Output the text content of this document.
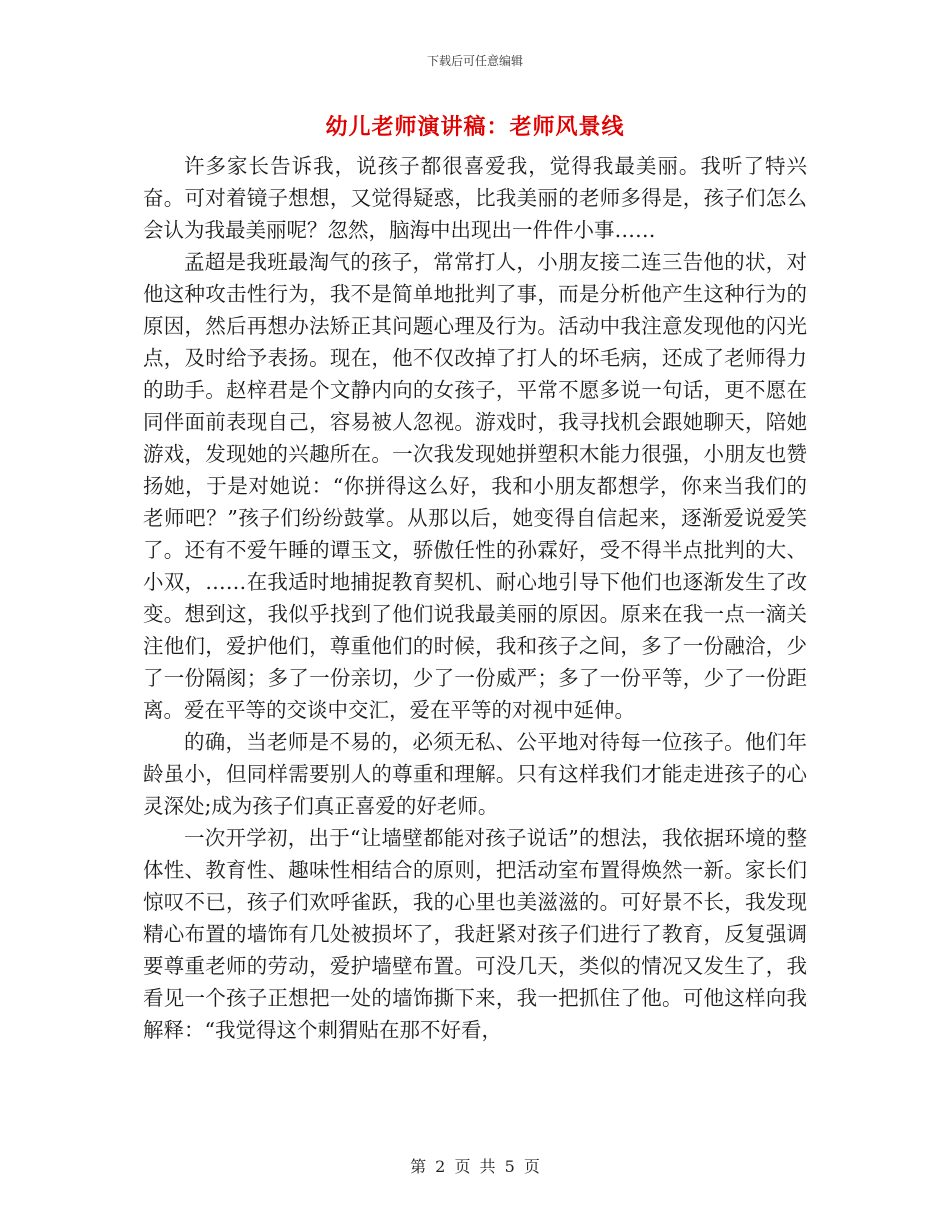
下载后可任意编辑
幼儿老师演讲稿：老师风景线

许多家长告诉我，说孩子都很喜爱我，觉得我最美丽。我听了特兴奋。可对着镜子想想，又觉得疑惑，比我美丽的老师多得是，孩子们怎么会认为我最美丽呢？忽然，脑海中出现出一件件小事……

孟超是我班最淘气的孩子，常常打人，小朋友接二连三告他的状，对他这种攻击性行为，我不是简单地批判了事，而是分析他产生这种行为的原因，然后再想办法矫正其问题心理及行为。活动中我注意发现他的闪光点，及时给予表扬。现在，他不仅改掉了打人的坏毛病，还成了老师得力的助手。赵梓君是个文静内向的女孩子，平常不愿多说一句话，更不愿在同伴面前表现自己，容易被人忽视。游戏时，我寻找机会跟她聊天，陪她游戏，发现她的兴趣所在。一次我发现她拼塑积木能力很强，小朋友也赞扬她，于是对她说：“你拼得这么好，我和小朋友都想学，你来当我们的老师吧？”孩子们纷纷鼓掌。从那以后，她变得自信起来，逐渐爱说爱笑了。还有不爱午睡的谭玉文，骄傲任性的孙霖好，受不得半点批判的大、小双，……在我适时地捕捉教育契机、耐心地引导下他们也逐渐发生了改变。想到这，我似乎找到了他们说我最美丽的原因。原来在我一点一滴关注他们，爱护他们，尊重他们的时候，我和孩子之间，多了一份融洽，少了一份隔阂；多了一份亲切，少了一份威严；多了一份平等，少了一份距离。爱在平等的交谈中交汇，爱在平等的对视中延伸。

的确，当老师是不易的，必须无私、公平地对待每一位孩子。他们年龄虽小，但同样需要别人的尊重和理解。只有这样我们才能走进孩子的心灵深处;成为孩子们真正喜爱的好老师。

一次开学初，出于“让墙壁都能对孩子说话”的想法，我依据环境的整体性、教育性、趣味性相结合的原则，把活动室布置得焕然一新。家长们惊叹不已，孩子们欢呼雀跃，我的心里也美滋滋的。可好景不长，我发现精心布置的墙饰有几处被损坏了，我赶紧对孩子们进行了教育，反复强调要尊重老师的劳动，爱护墙壁布置。可没几天，类似的情况又发生了，我看见一个孩子正想把一处的墙饰撕下来，我一把抓住了他。可他这样向我解释：“我觉得这个刺猬贴在那不好看，

第 2 页 共 5 页
